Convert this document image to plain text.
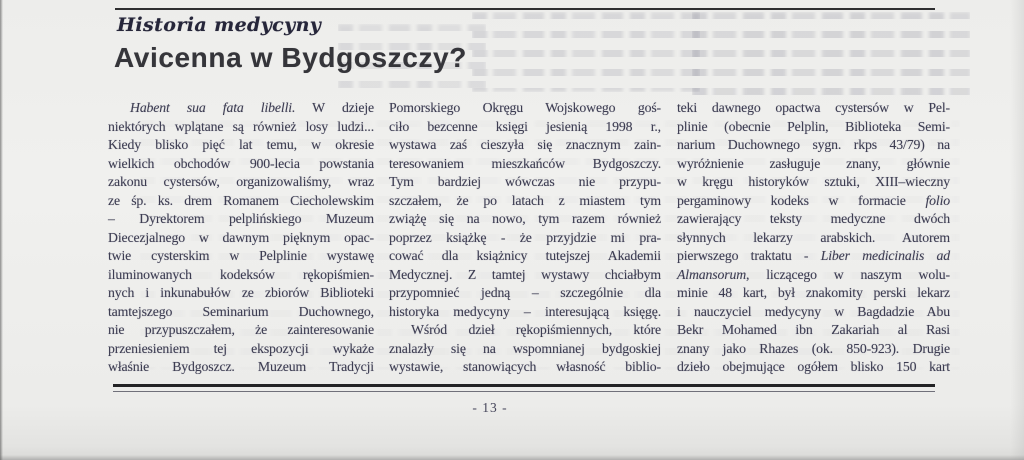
Historia medycyny
Avicenna w Bydgoszczy?
Habent sua fata libelli. W dzieje
niektórych wplątane są również losy ludzi...
Kiedy blisko pięć lat temu, w okresie
wielkich obchodów 900-lecia powstania
zakonu cystersów, organizowaliśmy, wraz
ze śp. ks. drem Romanem Ciecholewskim
– Dyrektorem pelplińskiego Muzeum
Diecezjalnego w dawnym pięknym opac-
twie cysterskim w Pelplinie wystawę
iluminowanych kodeksów rękopiśmien-
nych i inkunabułów ze zbiorów Biblioteki
tamtejszego Seminarium Duchownego,
nie przypuszczałem, że zainteresowanie
przeniesieniem tej ekspozycji wykaże
właśnie Bydgoszcz. Muzeum Tradycji
Pomorskiego Okręgu Wojskowego goś-
ciło bezcenne księgi jesienią 1998 r.,
wystawa zaś cieszyła się znacznym zain-
teresowaniem mieszkańców Bydgoszczy.
Tym bardziej wówczas nie przypu-
szczałem, że po latach z miastem tym
zwiążę się na nowo, tym razem również
poprzez książkę - że przyjdzie mi pra-
cować dla książnicy tutejszej Akademii
Medycznej. Z tamtej wystawy chciałbym
przypomnieć jedną – szczególnie dla
historyka medycyny – interesującą księgę.
Wśród dzieł rękopiśmiennych, które
znalazły się na wspomnianej bydgoskiej
wystawie, stanowiących własność biblio-
teki dawnego opactwa cystersów w Pel-
plinie (obecnie Pelplin, Biblioteka Semi-
narium Duchownego sygn. rkps 43/79) na
wyróżnienie zasługuje znany, głównie
w kręgu historyków sztuki, XIII–wieczny
pergaminowy kodeks w formacie folio
zawierający teksty medyczne dwóch
słynnych lekarzy arabskich. Autorem
pierwszego traktatu - Liber medicinalis ad
Almansorum, liczącego w naszym wolu-
minie 48 kart, był znakomity perski lekarz
i nauczyciel medycyny w Bagdadzie Abu
Bekr Mohamed ibn Zakariah al Rasi
znany jako Rhazes (ok. 850-923). Drugie
dzieło obejmujące ogółem blisko 150 kart
- 13 -
